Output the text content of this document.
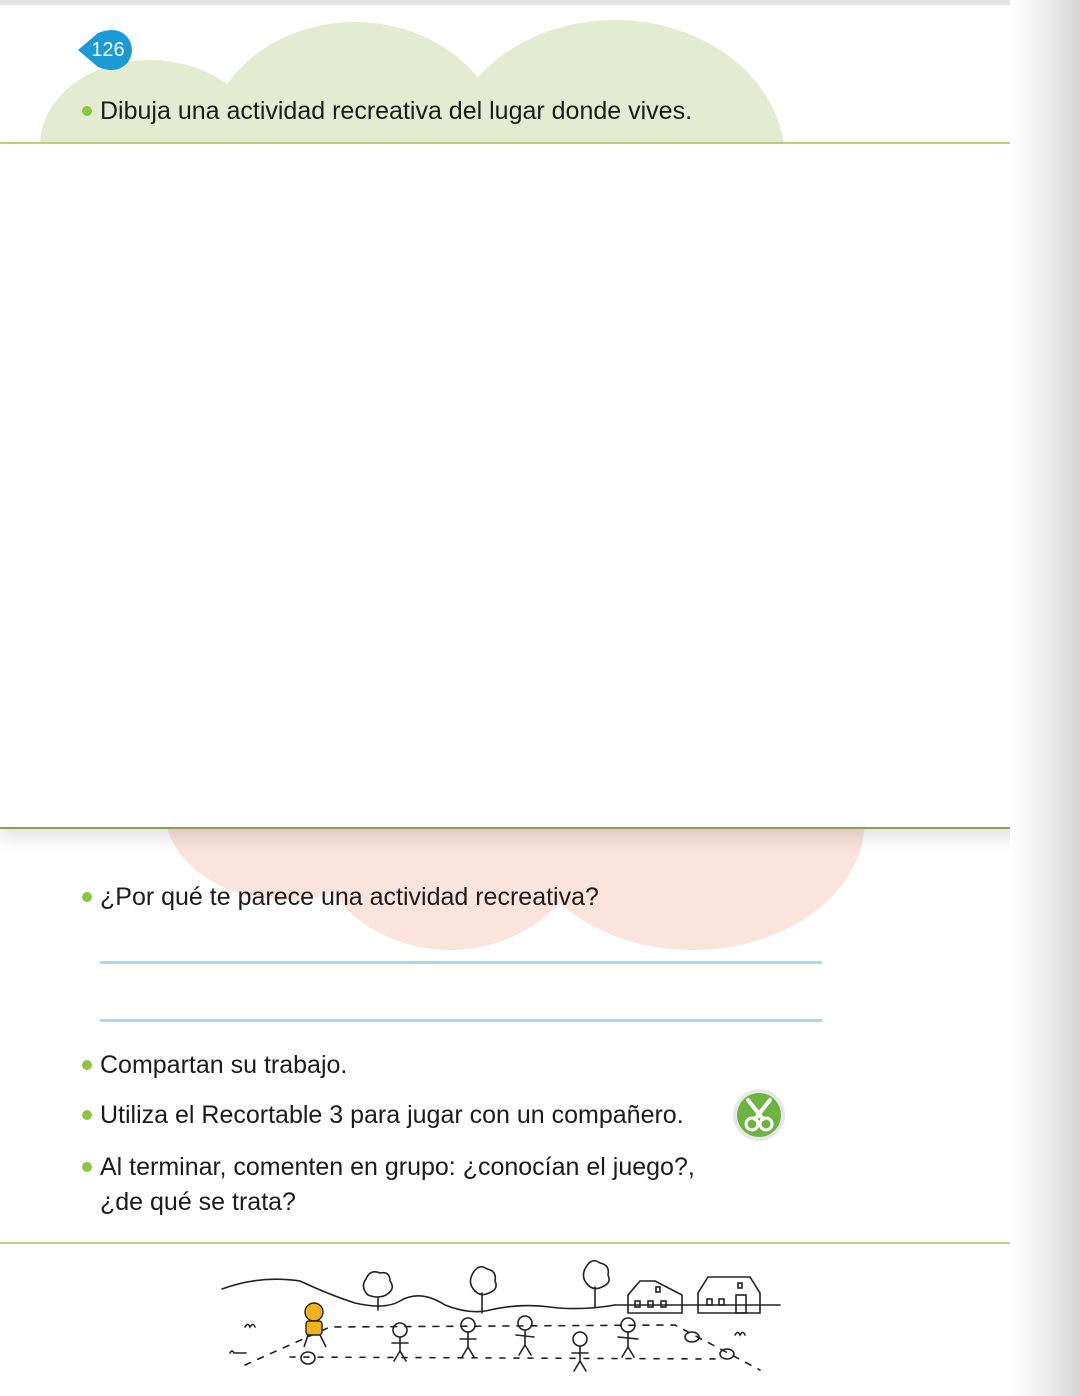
126
Dibuja una actividad recreativa del lugar donde vives.
¿Por qué te parece una actividad recreativa?
Compartan su trabajo.
Utiliza el Recortable 3 para jugar con un compañero.
Al terminar, comenten en grupo: ¿conocían el juego?,
¿de qué se trata?
